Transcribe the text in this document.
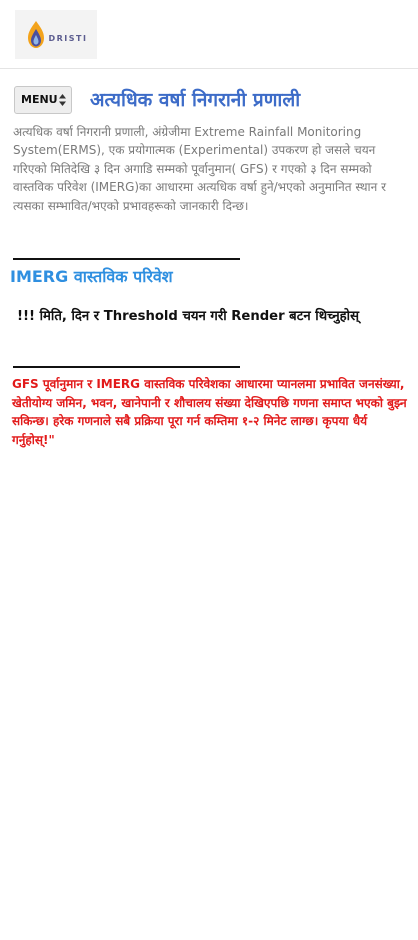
DRISTI
MENU	अत्यधिक वर्षा निगरानी प्रणाली

अत्यधिक वर्षा निगरानी प्रणाली, अंग्रेजीमा Extreme Rainfall Monitoring System(ERMS), एक प्रयोगात्मक (Experimental) उपकरण हो जसले चयन गरिएको मितिदेखि ३ दिन अगाडि सम्मको पूर्वानुमान( GFS) र गएको ३ दिन सम्मको वास्तविक परिवेश (IMERG)का आधारमा अत्यधिक वर्षा हुने/भएको अनुमानित स्थान र त्यसका सम्भावित/भएको प्रभावहरूको जानकारी दिन्छ।

IMERG वास्तविक परिवेश
!!! मिति, दिन र Threshold चयन गरी Render बटन थिच्नुहोस्

GFS पूर्वानुमान र IMERG वास्तविक परिवेशका आधारमा प्यानलमा प्रभावित जनसंख्या, खेतीयोग्य जमिन, भवन, खानेपानी र शौचालय संख्या देखिएपछि गणना समाप्त भएको बुझ्न सकिन्छ। हरेक गणनाले सबै प्रक्रिया पूरा गर्न कम्तिमा १-२ मिनेट लाग्छ। कृपया धैर्य गर्नुहोस्!"
